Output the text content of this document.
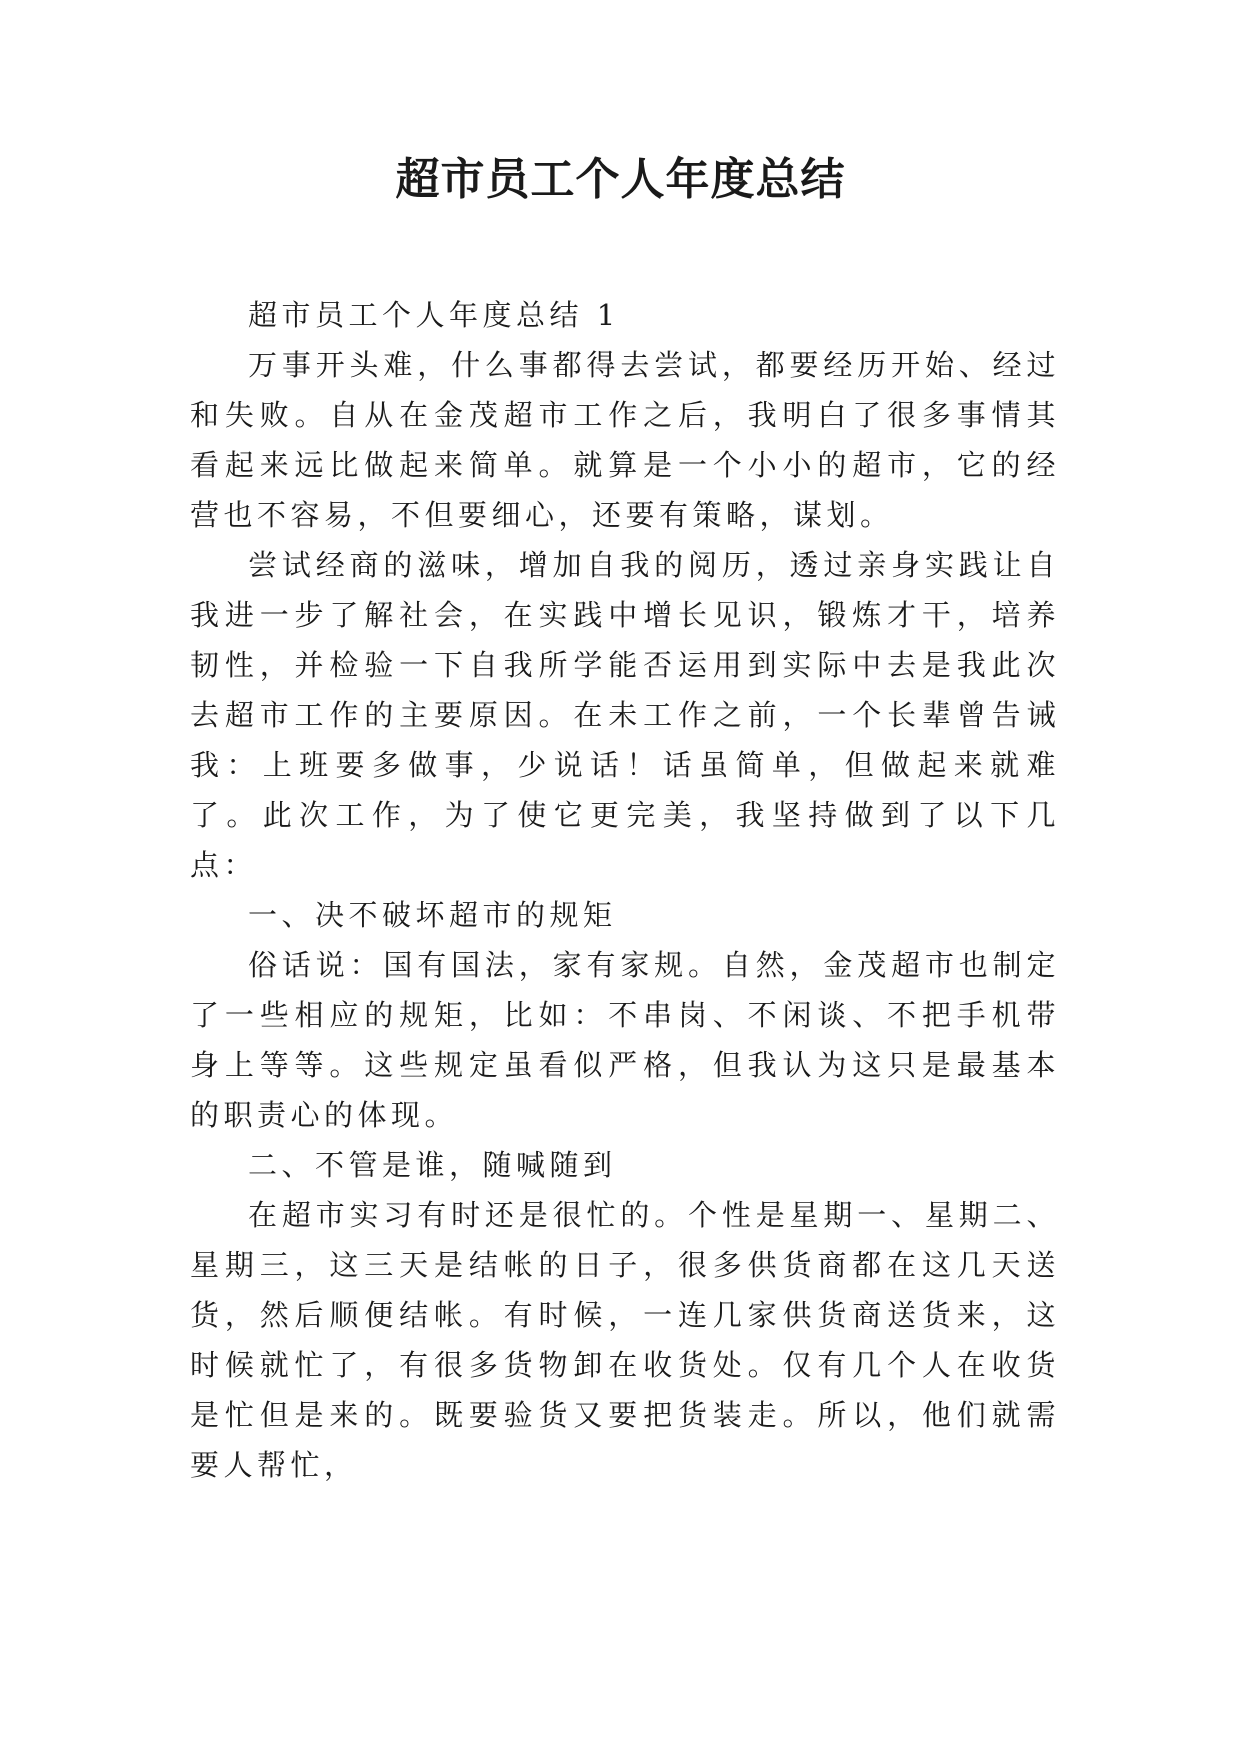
超市员工个人年度总结

超市员工个人年度总结 1

万事开头难，什么事都得去尝试，都要经历开始、经过和失败。自从在金茂超市工作之后，我明白了很多事情其看起来远比做起来简单。就算是一个小小的超市，它的经营也不容易，不但要细心，还要有策略，谋划。

尝试经商的滋味，增加自我的阅历，透过亲身实践让自我进一步了解社会，在实践中增长见识，锻炼才干，培养韧性，并检验一下自我所学能否运用到实际中去是我此次去超市工作的主要原因。在未工作之前，一个长辈曾告诫我：上班要多做事，少说话！话虽简单，但做起来就难了。此次工作，为了使它更完美，我坚持做到了以下几点：

一、决不破坏超市的规矩

俗话说：国有国法，家有家规。自然，金茂超市也制定了一些相应的规矩，比如：不串岗、不闲谈、不把手机带身上等等。这些规定虽看似严格，但我认为这只是最基本的职责心的体现。

二、不管是谁，随喊随到

在超市实习有时还是很忙的。个性是星期一、星期二、星期三，这三天是结帐的日子，很多供货商都在这几天送货，然后顺便结帐。有时候，一连几家供货商送货来，这时候就忙了，有很多货物卸在收货处。仅有几个人在收货是忙但是来的。既要验货又要把货装走。所以，他们就需要人帮忙，
